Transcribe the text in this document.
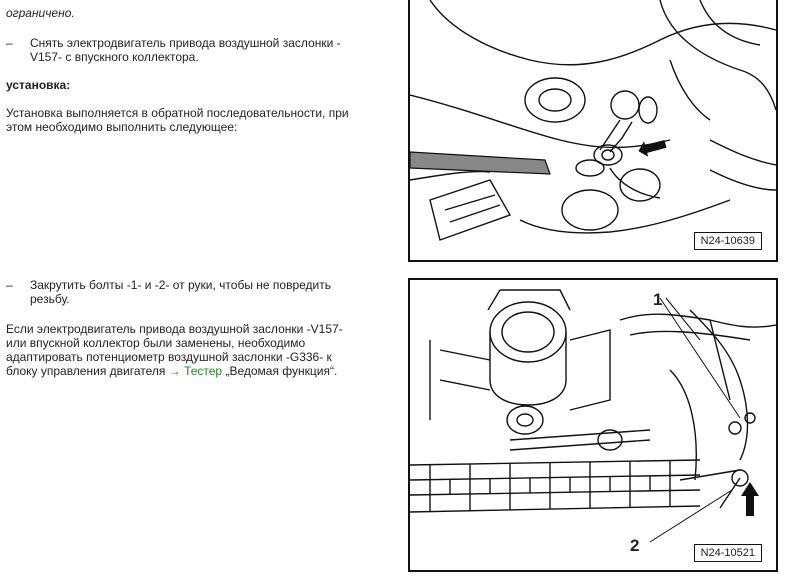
ограничено.
– Снять электродвигатель привода воздушной заслонки -
V157- с впускного коллектора.
установка:
Установка выполняется в обратной последовательности, при
этом необходимо выполнить следующее:
– Закрутить болты -1- и -2- от руки, чтобы не повредить
резьбу.
Если электродвигатель привода воздушной заслонки -V157-
или впускной коллектор были заменены, необходимо
адаптировать потенциометр воздушной заслонки -G336- к
блоку управления двигателя → Тестер „Ведомая функция“.
N24-10639
1
2	N24-10521
